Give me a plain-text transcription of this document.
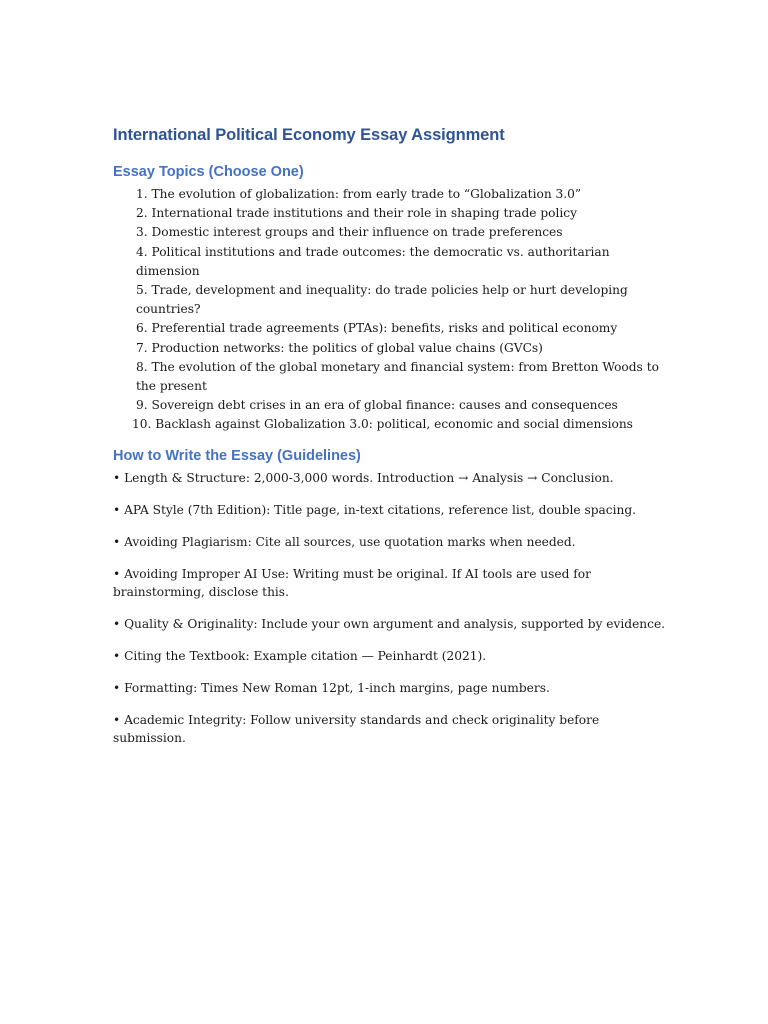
International Political Economy Essay Assignment
Essay Topics (Choose One)
1. The evolution of globalization: from early trade to “Globalization 3.0”
2. International trade institutions and their role in shaping trade policy
3. Domestic interest groups and their influence on trade preferences
4. Political institutions and trade outcomes: the democratic vs. authoritarian dimension
5. Trade, development and inequality: do trade policies help or hurt developing countries?
6. Preferential trade agreements (PTAs): benefits, risks and political economy
7. Production networks: the politics of global value chains (GVCs)
8. The evolution of the global monetary and financial system: from Bretton Woods to the present
9. Sovereign debt crises in an era of global finance: causes and consequences
10. Backlash against Globalization 3.0: political, economic and social dimensions
How to Write the Essay (Guidelines)

• Length & Structure: 2,000-3,000 words. Introduction → Analysis → Conclusion.

• APA Style (7th Edition): Title page, in-text citations, reference list, double spacing.

• Avoiding Plagiarism: Cite all sources, use quotation marks when needed.

• Avoiding Improper AI Use: Writing must be original. If AI tools are used for brainstorming, disclose this.

• Quality & Originality: Include your own argument and analysis, supported by evidence.

• Citing the Textbook: Example citation — Peinhardt (2021).

• Formatting: Times New Roman 12pt, 1-inch margins, page numbers.

• Academic Integrity: Follow university standards and check originality before submission.
